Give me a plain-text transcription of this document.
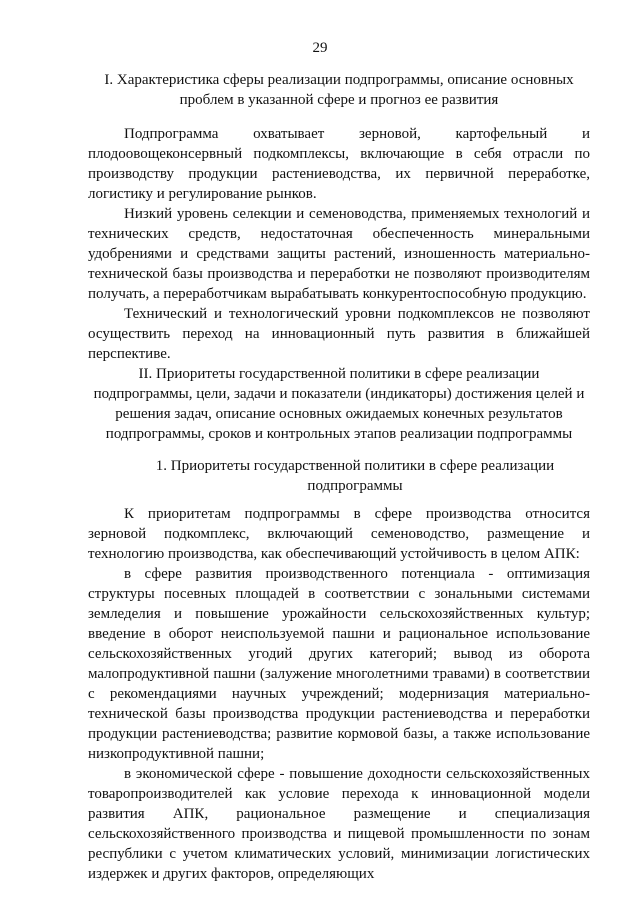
29
I. Характеристика сферы реализации подпрограммы, описание основных
проблем в указанной сфере и прогноз ее развития

Подпрограмма охватывает зерновой, картофельный и плодоовощеконсервный подкомплексы, включающие в себя отрасли по производству продукции растениеводства, их первичной переработке, логистику и регулирование рынков.

Низкий уровень селекции и семеноводства, применяемых технологий и технических средств, недостаточная обеспеченность минеральными удобрениями и средствами защиты растений, изношенность материально-технической базы производства и переработки не позволяют производителям получать, а переработчикам вырабатывать конкурентоспособную продукцию.

Технический и технологический уровни подкомплексов не позволяют осуществить переход на инновационный путь развития в ближайшей перспективе.

II. Приоритеты государственной политики в сфере реализации
подпрограммы, цели, задачи и показатели (индикаторы) достижения целей и
решения задач, описание основных ожидаемых конечных результатов
подпрограммы, сроков и контрольных этапов реализации подпрограммы
1. Приоритеты государственной политики в сфере реализации
подпрограммы

К приоритетам подпрограммы в сфере производства относится зерновой подкомплекс, включающий семеноводство, размещение и технологию производства, как обеспечивающий устойчивость в целом АПК:

в сфере развития производственного потенциала - оптимизация структуры посевных площадей в соответствии с зональными системами земледелия и повышение урожайности сельскохозяйственных культур; введение в оборот неиспользуемой пашни и рациональное использование сельскохозяйственных угодий других категорий; вывод из оборота малопродуктивной пашни (залужение многолетними травами) в соответствии с рекомендациями научных учреждений; модернизация материально-технической базы производства продукции растениеводства и переработки продукции растениеводства; развитие кормовой базы, а также использование низкопродуктивной пашни;

в экономической сфере - повышение доходности сельскохозяйственных товаропроизводителей как условие перехода к инновационной модели развития АПК, рациональное размещение и специализация сельскохозяйственного производства и пищевой промышленности по зонам республики с учетом климатических условий, минимизации логистических издержек и других факторов, определяющих
